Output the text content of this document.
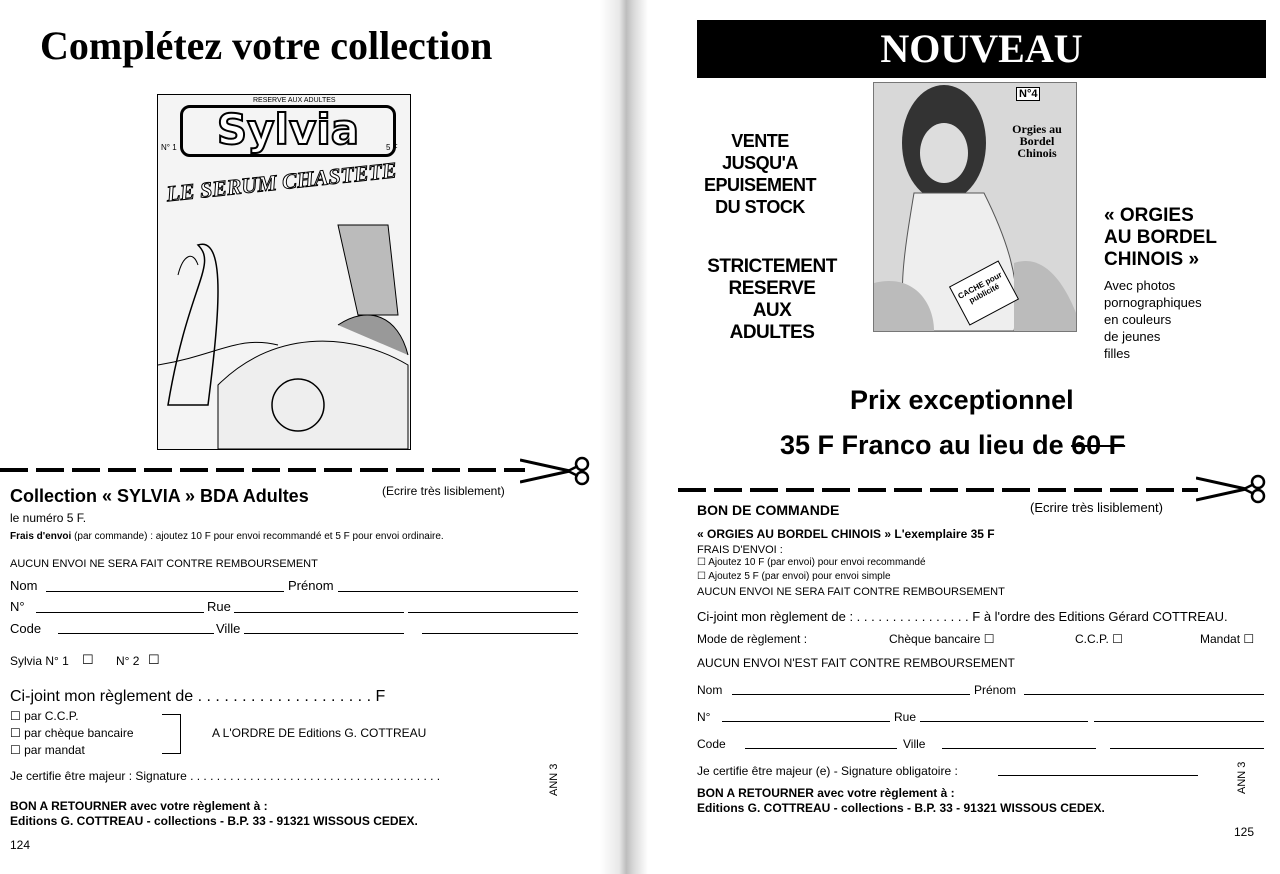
Complétez votre collection
RESERVE AUX ADULTES
Sylvia
N° 1	5 F
LE SERUM CHASTETE
Collection « SYLVIA » BDA Adultes	(Ecrire très lisiblement)
le numéro 5 F.
Frais d'envoi (par commande) : ajoutez 10 F pour envoi recommandé et 5 F pour envoi ordinaire.
AUCUN ENVOI NE SERA FAIT CONTRE REMBOURSEMENT
Nom	Prénom
N°	Rue
Code	Ville
Sylvia N° 1 ☐ N° 2 ☐
Ci-joint mon règlement de . . . . . . . . . . . . . . . . . . . . F
☐ par C.C.P.
☐ par chèque bancaire
☐ par mandat
A L'ORDRE DE Editions G. COTTREAU
Je certifie être majeur : Signature . . . . . . . . . . . . . . . . . . . . . . . . . . . . . . . . . . . . . .
BON A RETOURNER avec votre règlement à :
Editions G. COTTREAU - collections - B.P. 33 - 91321 WISSOUS CEDEX.
ANN 3
124
NOUVEAU
VENTE
JUSQU'A
EPUISEMENT
DU STOCK
STRICTEMENT
RESERVE
AUX
ADULTES
N°4
Orgies au Bordel Chinois
CACHE pour publicité
« ORGIES
AU BORDEL
CHINOIS »
Avec photos
pornographiques
en couleurs
de jeunes
filles
Prix exceptionnel
35 F Franco au lieu de 60 F
BON DE COMMANDE	(Ecrire très lisiblement)
« ORGIES AU BORDEL CHINOIS » L'exemplaire 35 F
FRAIS D'ENVOI :
☐ Ajoutez 10 F (par envoi) pour envoi recommandé
☐ Ajoutez 5 F (par envoi) pour envoi simple
AUCUN ENVOI NE SERA FAIT CONTRE REMBOURSEMENT
Ci-joint mon règlement de : . . . . . . . . . . . . . . . . F à l'ordre des Editions Gérard COTTREAU.
Mode de règlement :	Chèque bancaire ☐	C.C.P. ☐	Mandat ☐
AUCUN ENVOI N'EST FAIT CONTRE REMBOURSEMENT
Nom	Prénom
N°	Rue
Code	Ville
Je certifie être majeur (e) - Signature obligatoire :
BON A RETOURNER avec votre règlement à :
Editions G. COTTREAU - collections - B.P. 33 - 91321 WISSOUS CEDEX.
ANN 3
125
